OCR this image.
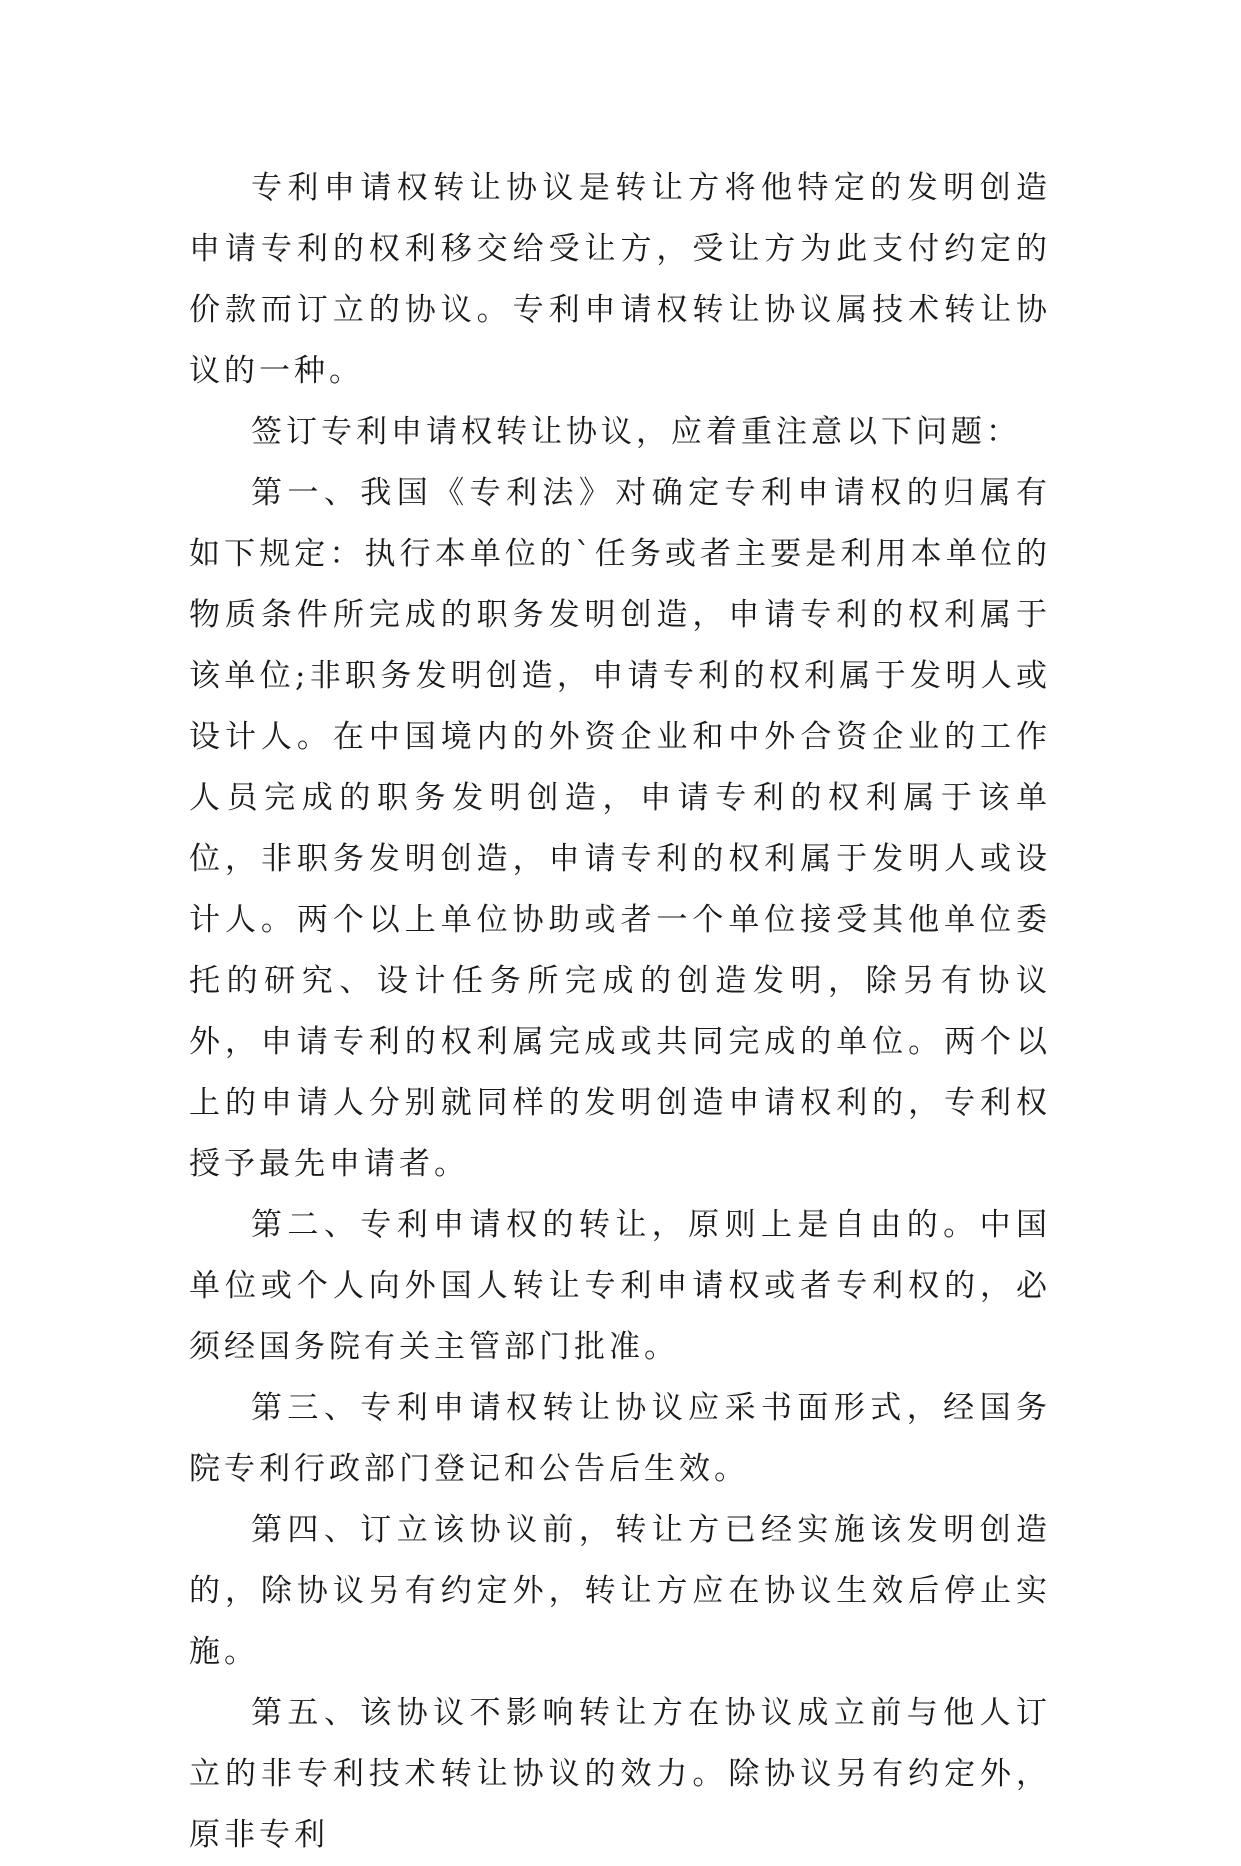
专利申请权转让协议是转让方将他特定的发明创造申请专利的权利移交给受让方，受让方为此支付约定的价款而订立的协议。专利申请权转让协议属技术转让协议的一种。

签订专利申请权转让协议，应着重注意以下问题：

第一、我国《专利法》对确定专利申请权的归属有如下规定：执行本单位的`任务或者主要是利用本单位的物质条件所完成的职务发明创造，申请专利的权利属于该单位;非职务发明创造，申请专利的权利属于发明人或设计人。在中国境内的外资企业和中外合资企业的工作人员完成的职务发明创造，申请专利的权利属于该单位，非职务发明创造，申请专利的权利属于发明人或设计人。两个以上单位协助或者一个单位接受其他单位委托的研究、设计任务所完成的创造发明，除另有协议外，申请专利的权利属完成或共同完成的单位。两个以上的申请人分别就同样的发明创造申请权利的，专利权授予最先申请者。

第二、专利申请权的转让，原则上是自由的。中国单位或个人向外国人转让专利申请权或者专利权的，必须经国务院有关主管部门批准。

第三、专利申请权转让协议应采书面形式，经国务院专利行政部门登记和公告后生效。

第四、订立该协议前，转让方已经实施该发明创造的，除协议另有约定外，转让方应在协议生效后停止实施。

第五、该协议不影响转让方在协议成立前与他人订立的非专利技术转让协议的效力。除协议另有约定外，原非专利
